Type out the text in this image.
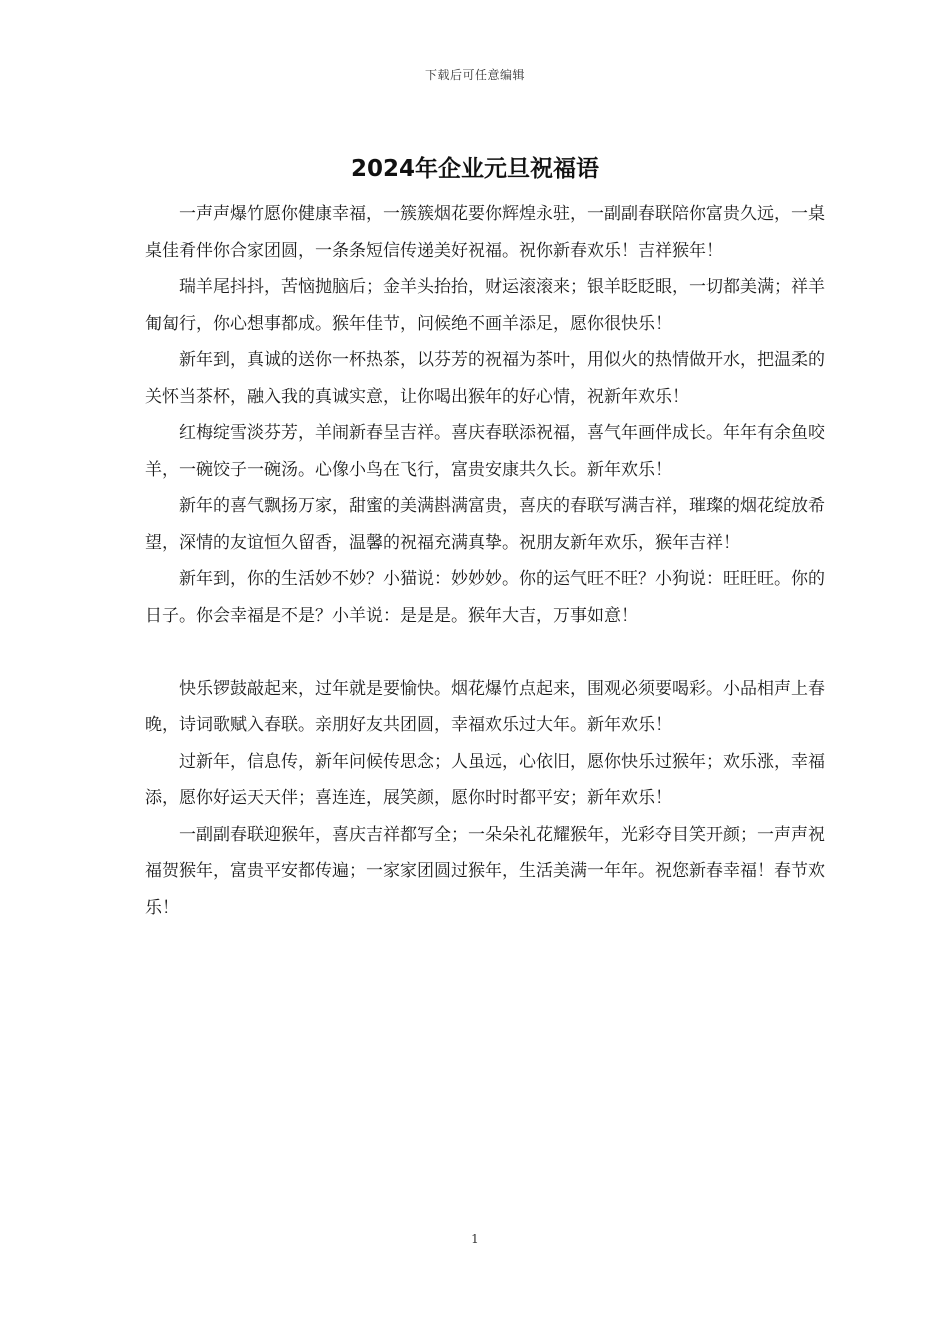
下载后可任意编辑
2024年企业元旦祝福语

一声声爆竹愿你健康幸福，一簇簇烟花要你辉煌永驻，一副副春联陪你富贵久远，一桌桌佳肴伴你合家团圆，一条条短信传递美好祝福。祝你新春欢乐！吉祥猴年！

瑞羊尾抖抖，苦恼抛脑后；金羊头抬抬，财运滚滚来；银羊眨眨眼，一切都美满；祥羊匍匐行，你心想事都成。猴年佳节，问候绝不画羊添足，愿你很快乐！

新年到，真诚的送你一杯热茶，以芬芳的祝福为茶叶，用似火的热情做开水，把温柔的关怀当茶杯，融入我的真诚实意，让你喝出猴年的好心情，祝新年欢乐！

红梅绽雪淡芬芳，羊闹新春呈吉祥。喜庆春联添祝福，喜气年画伴成长。年年有余鱼咬羊，一碗饺子一碗汤。心像小鸟在飞行，富贵安康共久长。新年欢乐！

新年的喜气飘扬万家，甜蜜的美满斟满富贵，喜庆的春联写满吉祥，璀璨的烟花绽放希望，深情的友谊恒久留香，温馨的祝福充满真挚。祝朋友新年欢乐，猴年吉祥！

新年到，你的生活妙不妙？小猫说：妙妙妙。你的运气旺不旺？小狗说：旺旺旺。你的日子。你会幸福是不是？小羊说：是是是。猴年大吉，万事如意！

快乐锣鼓敲起来，过年就是要愉快。烟花爆竹点起来，围观必须要喝彩。小品相声上春晚，诗词歌赋入春联。亲朋好友共团圆，幸福欢乐过大年。新年欢乐！

过新年，信息传，新年问候传思念；人虽远，心依旧，愿你快乐过猴年；欢乐涨，幸福添，愿你好运天天伴；喜连连，展笑颜，愿你时时都平安；新年欢乐！

一副副春联迎猴年，喜庆吉祥都写全；一朵朵礼花耀猴年，光彩夺目笑开颜；一声声祝福贺猴年，富贵平安都传遍；一家家团圆过猴年，生活美满一年年。祝您新春幸福！春节欢乐！

1
